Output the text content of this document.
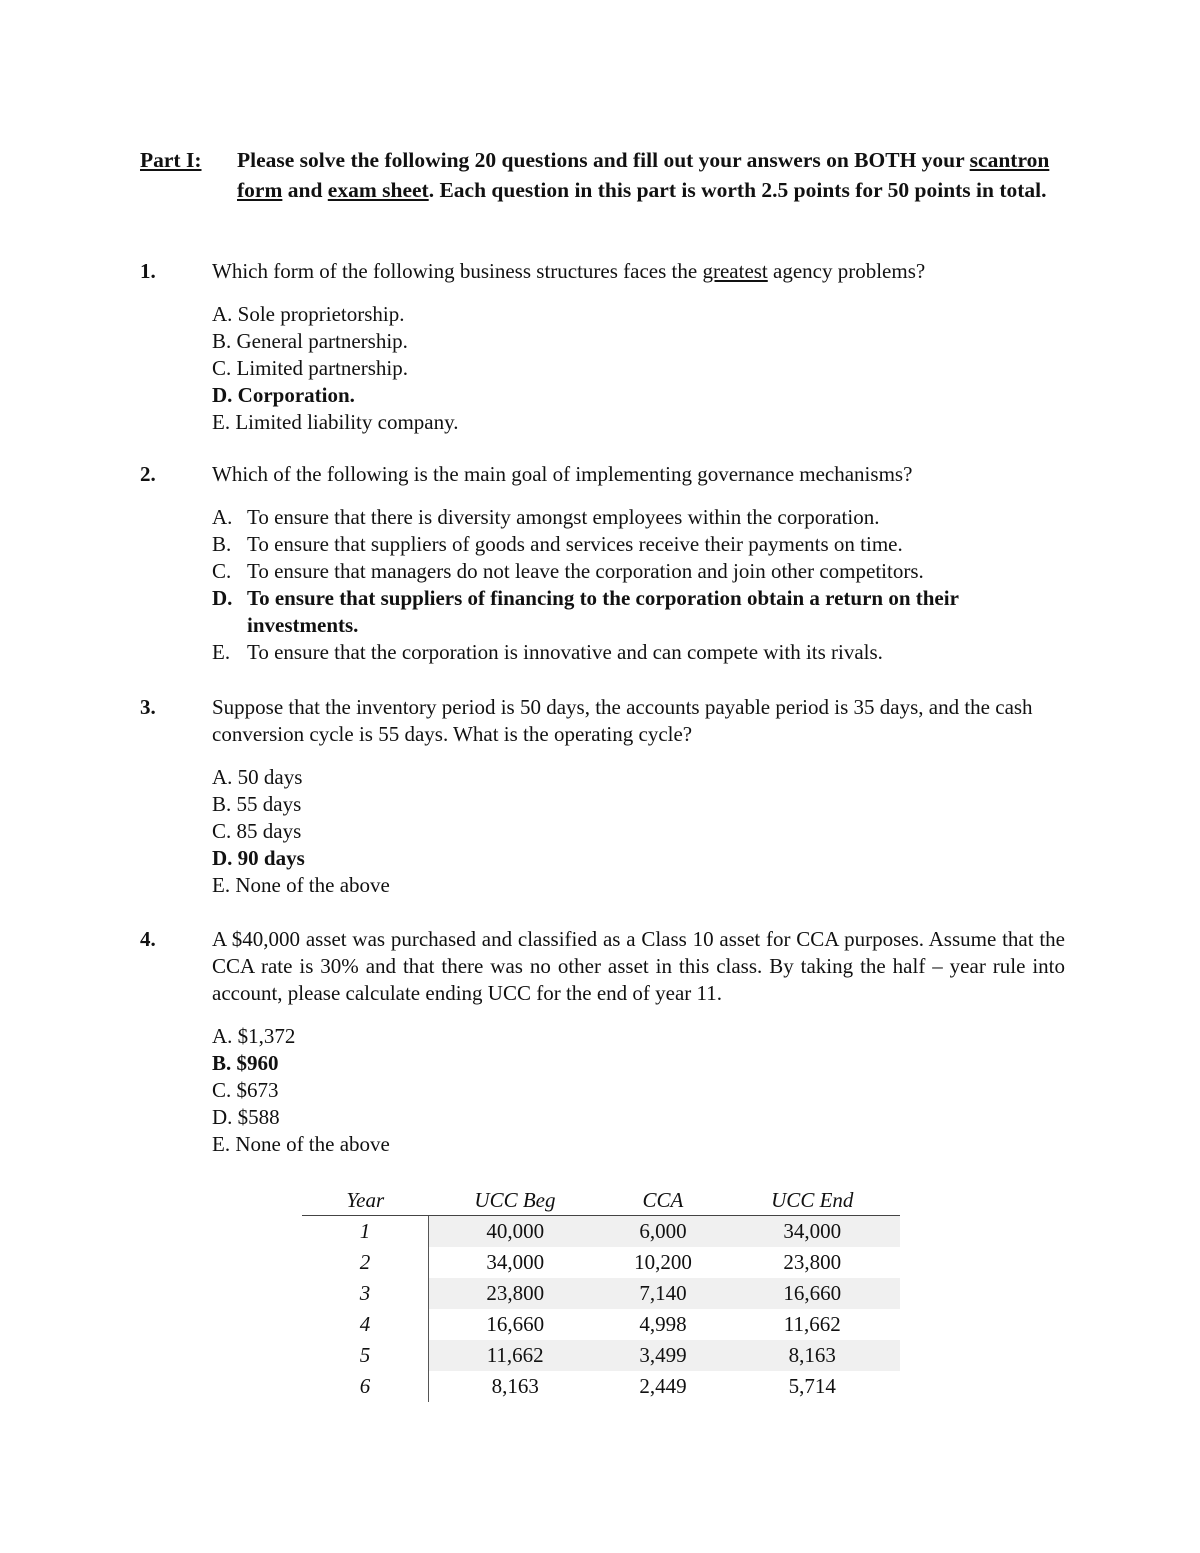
Part I: Please solve the following 20 questions and fill out your answers on BOTH your scantron form and exam sheet. Each question in this part is worth 2.5 points for 50 points in total.
1.	Which form of the following business structures faces the greatest agency problems?
A. Sole proprietorship.
B. General partnership.
C. Limited partnership.
D. Corporation.
E. Limited liability company.
2.	Which of the following is the main goal of implementing governance mechanisms?
A. To ensure that there is diversity amongst employees within the corporation.
B. To ensure that suppliers of goods and services receive their payments on time.
C. To ensure that managers do not leave the corporation and join other competitors.
D. To ensure that suppliers of financing to the corporation obtain a return on their investments.
E. To ensure that the corporation is innovative and can compete with its rivals.
3.	Suppose that the inventory period is 50 days, the accounts payable period is 35 days, and the cash conversion cycle is 55 days. What is the operating cycle?
A. 50 days
B. 55 days
C. 85 days
D. 90 days
E. None of the above
4.	A $40,000 asset was purchased and classified as a Class 10 asset for CCA purposes. Assume that the CCA rate is 30% and that there was no other asset in this class. By taking the half – year rule into account, please calculate ending UCC for the end of year 11.
A. $1,372
B. $960
C. $673
D. $588
E. None of the above
Year	UCC Beg	CCA	UCC End
1	40,000	6,000	34,000
2	34,000	10,200	23,800
3	23,800	7,140	16,660
4	16,660	4,998	11,662
5	11,662	3,499	8,163
6	8,163	2,449	5,714
